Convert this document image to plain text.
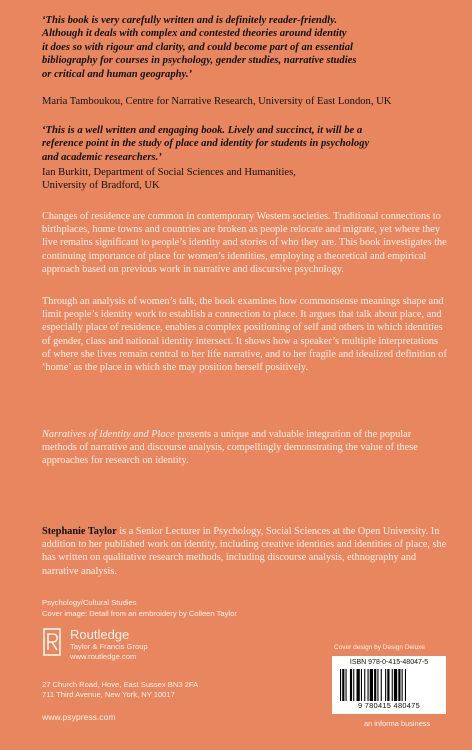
‘This book is very carefully written and is definitely reader-friendly.
Although it deals with complex and contested theories around identity
it does so with rigour and clarity, and could become part of an essential
bibliography for courses in psychology, gender studies, narrative studies
or critical and human geography.’
Maria Tamboukou, Centre for Narrative Research, University of East London, UK
‘This is a well written and engaging book. Lively and succinct, it will be a
reference point in the study of place and identity for students in psychology
and academic researchers.’
Ian Burkitt, Department of Social Sciences and Humanities,
University of Bradford, UK

Changes of residence are common in contemporary Western societies. Traditional connections to birthplaces, home towns and countries are broken as people relocate and migrate, yet where they live remains significant to people’s identity and stories of who they are. This book investigates the continuing importance of place for women’s identities, employing a theoretical and empirical approach based on previous work in narrative and discursive psychology.

Through an analysis of women’s talk, the book examines how commonsense meanings shape and limit people’s identity work to establish a connection to place. It argues that talk about place, and especially place of residence, enables a complex positioning of self and others in which identities of gender, class and national identity intersect. It shows how a speaker’s multiple interpretations of where she lives remain central to her life narrative, and to her fragile and idealized definition of ‘home’ as the place in which she may position herself positively.

Narratives of Identity and Place presents a unique and valuable integration of the popular methods of narrative and discourse analysis, compellingly demonstrating the value of these approaches for research on identity.

Stephanie Taylor is a Senior Lecturer in Psychology, Social Sciences at the Open University. In addition to her published work on identity, including creative identities and identities of place, she has written on qualitative research methods, including discourse analysis, ethnography and narrative analysis.

Psychology/Cultural Studies
Cover image: Detail from an embroidery by Colleen Taylor
Routledge
Taylor & Francis Group
www.routledge.com
27 Church Road, Hove, East Sussex BN3 2FA
711 Third Avenue, New York, NY 10017
www.psypress.com
Cover design by Design Deluxe
ISBN 978-0-415-48047-5
9 780415 480475
an informa business
